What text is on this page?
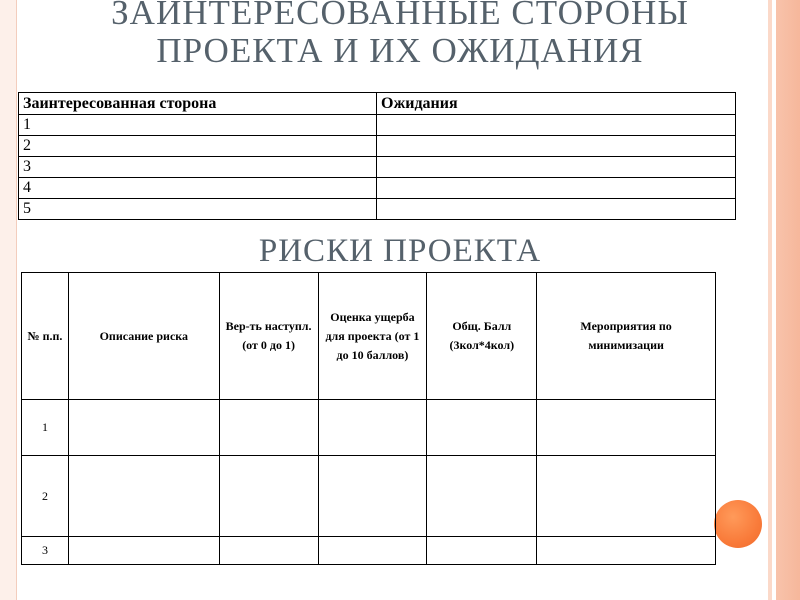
ЗАИНТЕРЕСОВАННЫЕ СТОРОНЫ
ПРОЕКТА И ИХ ОЖИДАНИЯ
Заинтересованная сторона	Ожидания
1	
2	
3	
4	
5	
РИСКИ ПРОЕКТА
№ п.п.	Описание риска	Вер-ть наступл. (от 0 до 1)	Оценка ущерба для проекта (от 1 до 10 баллов)	Общ. Балл (3кол*4кол)	Мероприятия по минимизации
1					
2					
3					
